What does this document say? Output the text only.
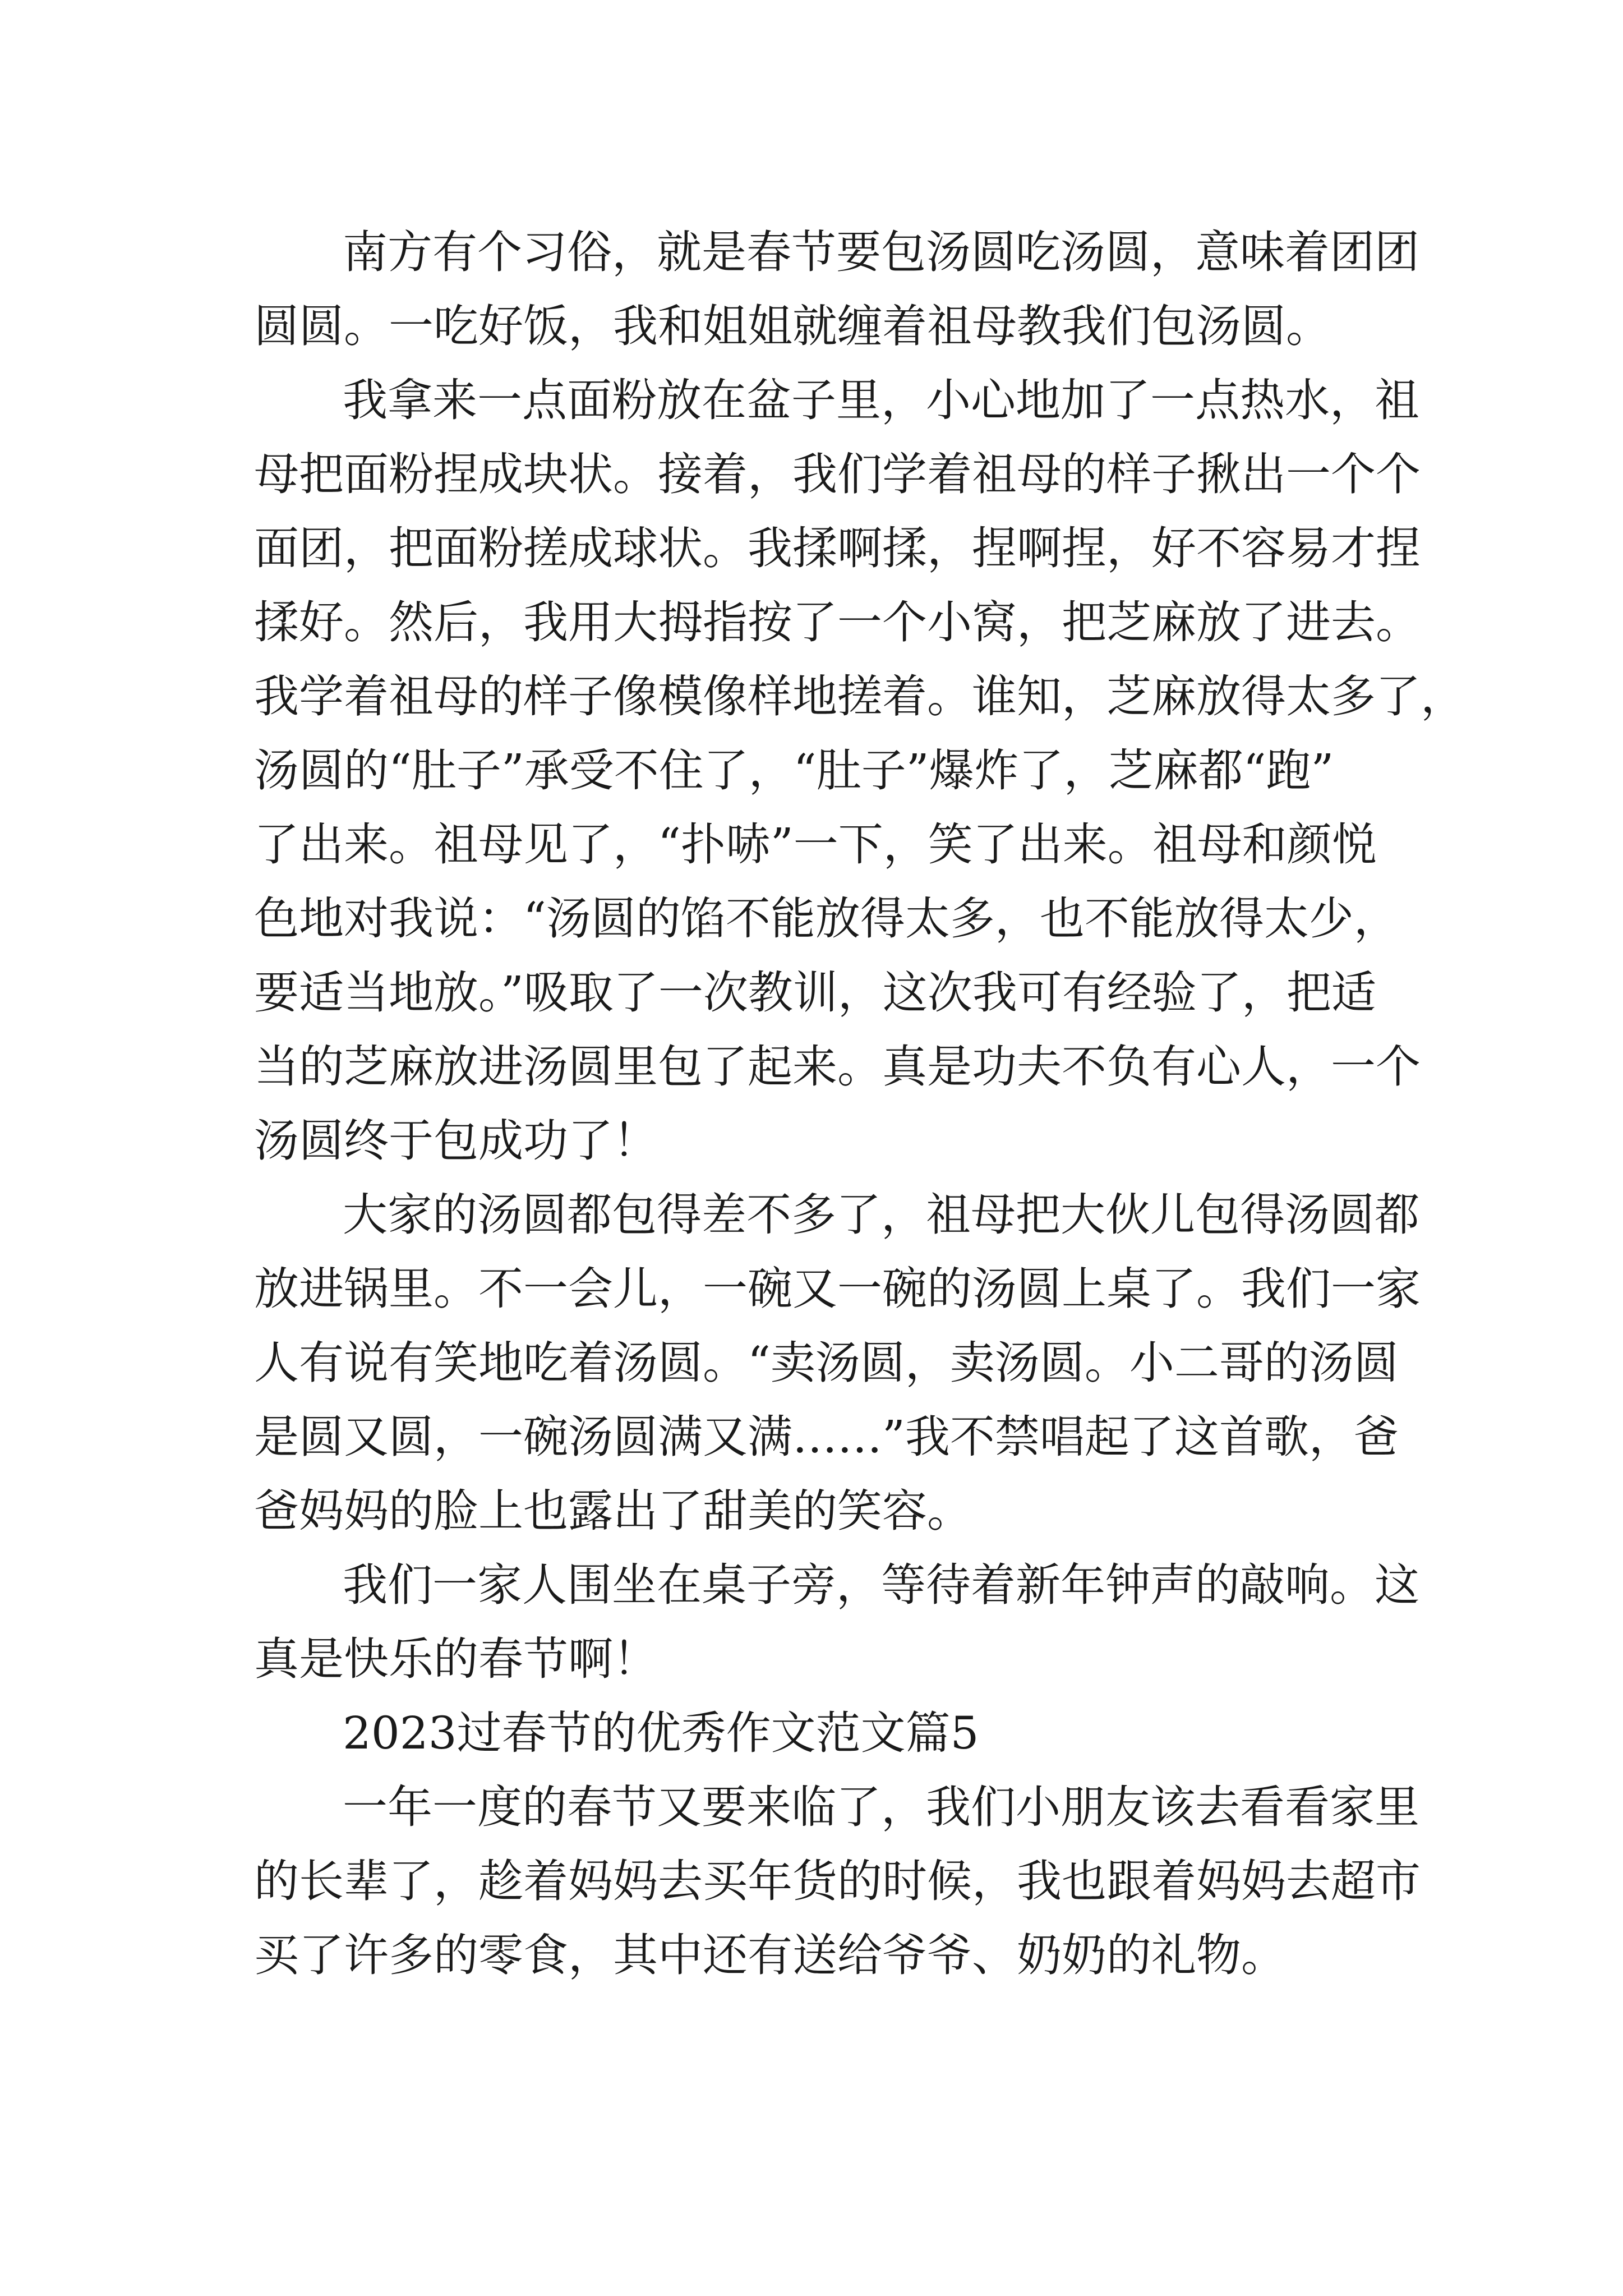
南方有个习俗，就是春节要包汤圆吃汤圆，意味着团团
圆圆。一吃好饭，我和姐姐就缠着祖母教我们包汤圆。
我拿来一点面粉放在盆子里，小心地加了一点热水，祖
母把面粉捏成块状。接着，我们学着祖母的样子揪出一个个
面团，把面粉搓成球状。我揉啊揉，捏啊捏，好不容易才捏
揉好。然后，我用大拇指按了一个小窝，把芝麻放了进去。
我学着祖母的样子像模像样地搓着。谁知，芝麻放得太多了，
汤圆的“肚子”承受不住了，“肚子”爆炸了，芝麻都“跑”
了出来。祖母见了，“扑哧”一下，笑了出来。祖母和颜悦
色地对我说：“汤圆的馅不能放得太多，也不能放得太少，
要适当地放。”吸取了一次教训，这次我可有经验了，把适
当的芝麻放进汤圆里包了起来。真是功夫不负有心人，一个
汤圆终于包成功了！
大家的汤圆都包得差不多了，祖母把大伙儿包得汤圆都
放进锅里。不一会儿，一碗又一碗的汤圆上桌了。我们一家
人有说有笑地吃着汤圆。“卖汤圆，卖汤圆。小二哥的汤圆
是圆又圆，一碗汤圆满又满……”我不禁唱起了这首歌，爸
爸妈妈的脸上也露出了甜美的笑容。
我们一家人围坐在桌子旁，等待着新年钟声的敲响。这
真是快乐的春节啊！
2023过春节的优秀作文范文篇5
一年一度的春节又要来临了，我们小朋友该去看看家里
的长辈了，趁着妈妈去买年货的时候，我也跟着妈妈去超市
买了许多的零食，其中还有送给爷爷、奶奶的礼物。
